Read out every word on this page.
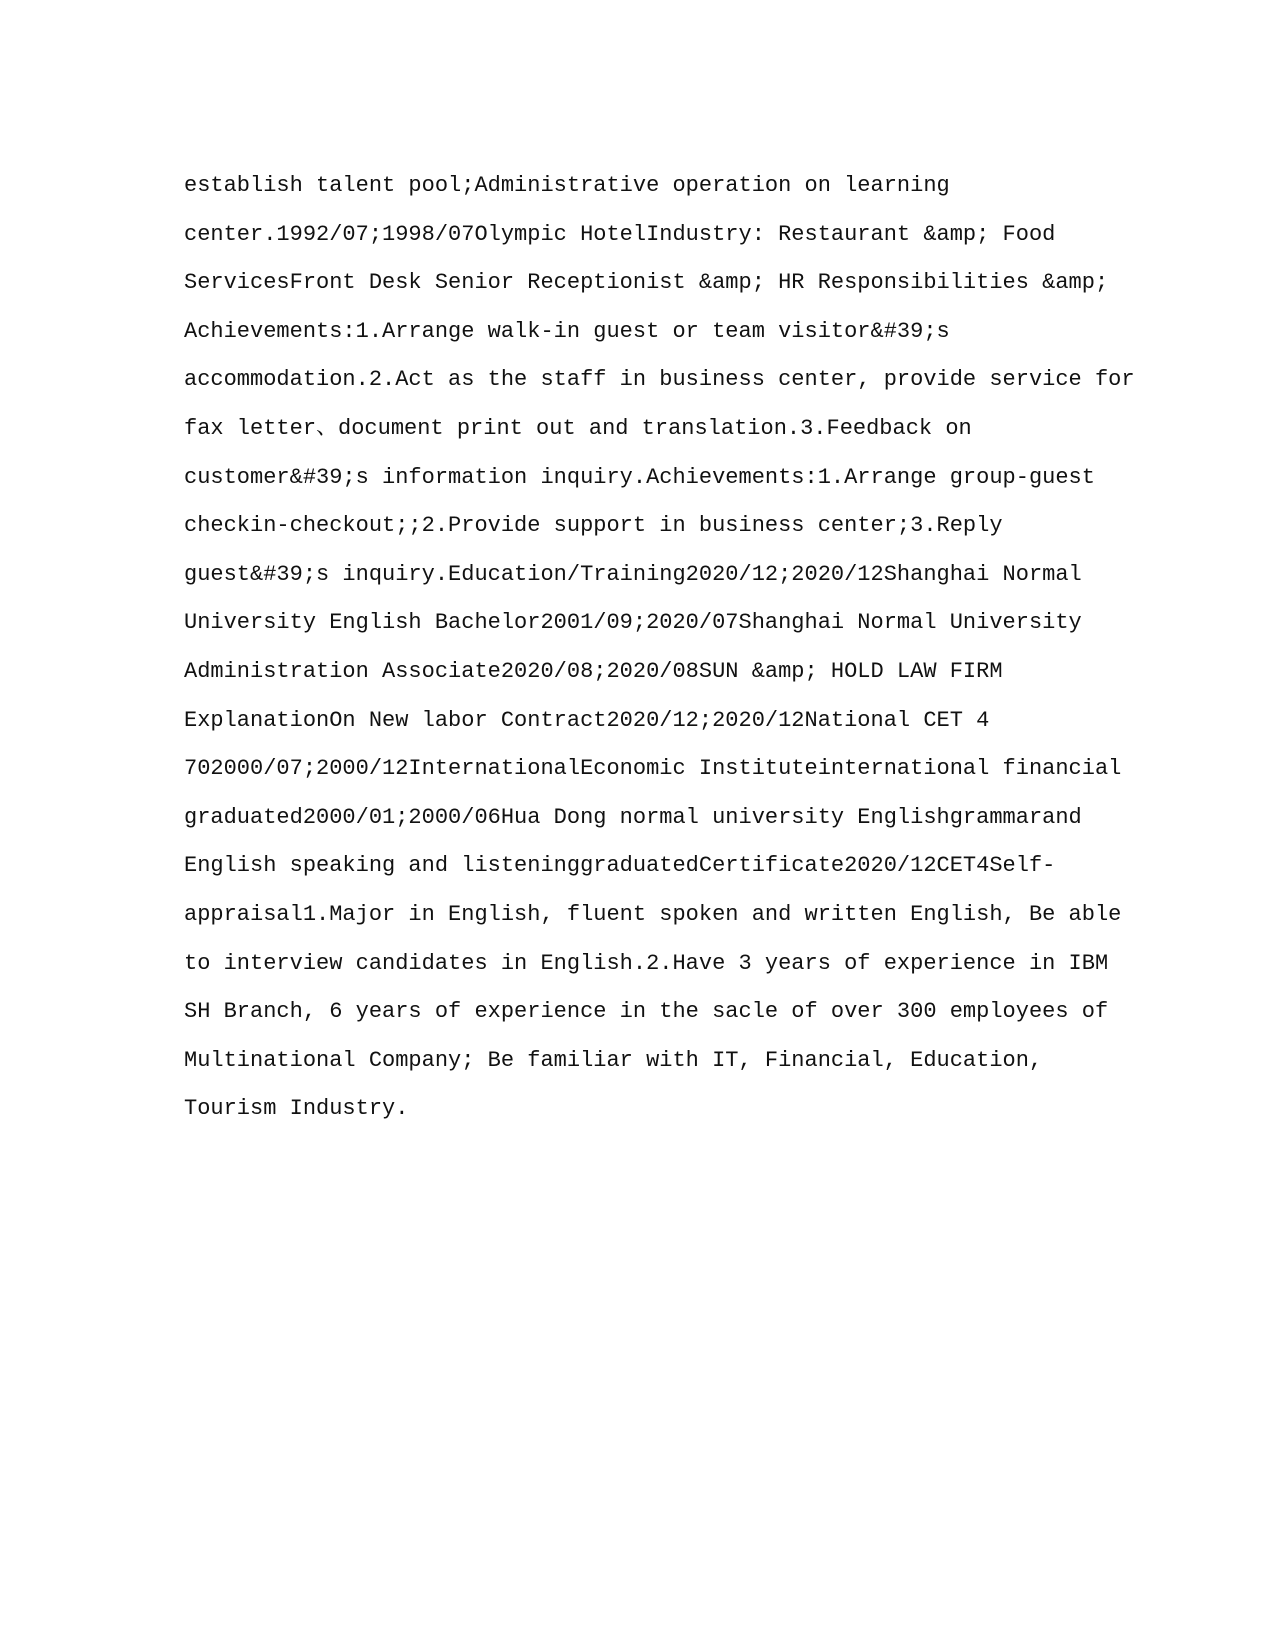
establish talent pool;Administrative operation on learning
center.1992/07;1998/07Olympic HotelIndustry: Restaurant &amp; Food
ServicesFront Desk Senior Receptionist &amp; HR Responsibilities &amp;
Achievements:1.Arrange walk-in guest or team visitor&#39;s
accommodation.2.Act as the staff in business center, provide service for
fax letter、document print out and translation.3.Feedback on
customer&#39;s information inquiry.Achievements:1.Arrange group-guest
checkin-checkout;;2.Provide support in business center;3.Reply
guest&#39;s inquiry.Education/Training2020/12;2020/12Shanghai Normal
University English Bachelor2001/09;2020/07Shanghai Normal University
Administration Associate2020/08;2020/08SUN &amp; HOLD LAW FIRM
ExplanationOn New labor Contract2020/12;2020/12National CET 4
702000/07;2000/12InternationalEconomic Instituteinternational financial
graduated2000/01;2000/06Hua Dong normal university Englishgrammarand
English speaking and listeninggraduatedCertificate2020/12CET4Self-
appraisal1.Major in English, fluent spoken and written English, Be able
to interview candidates in English.2.Have 3 years of experience in IBM
SH Branch, 6 years of experience in the sacle of over 300 employees of
Multinational Company; Be familiar with IT, Financial, Education,
Tourism Industry.
